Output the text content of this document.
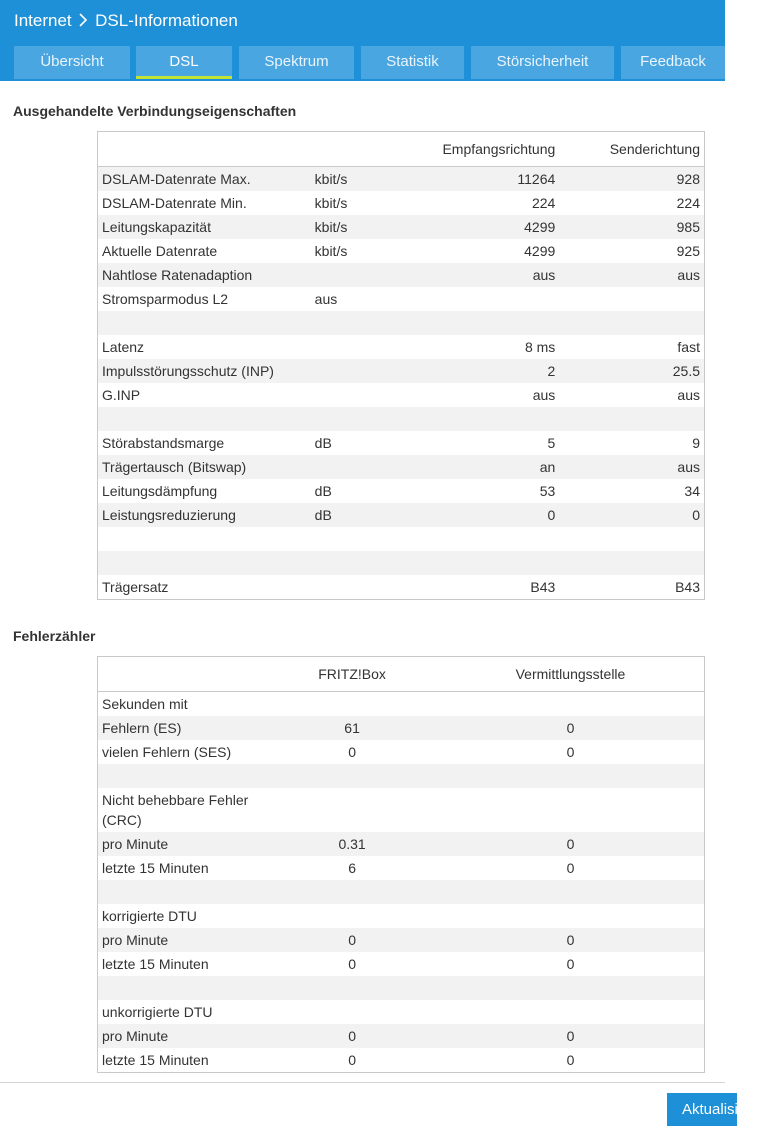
Internet DSL-Informationen
Übersicht	DSL	Spektrum	Statistik	Störsicherheit	Feedback
Ausgehandelte Verbindungseigenschaften
		Empfangsrichtung	Senderichtung
DSLAM-Datenrate Max.	kbit/s	11264	928
DSLAM-Datenrate Min.	kbit/s	224	224
Leitungskapazität	kbit/s	4299	985
Aktuelle Datenrate	kbit/s	4299	925
Nahtlose Ratenadaption		aus	aus
Stromsparmodus L2	aus		

Latenz		8 ms	fast
Impulsstörungsschutz (INP)		2	25.5
G.INP		aus	aus

Störabstandsmarge	dB	5	9
Trägertausch (Bitswap)		an	aus
Leitungsdämpfung	dB	53	34
Leistungsreduzierung	dB	0	0

Trägersatz		B43	B43
Fehlerzähler
	FRITZ!Box	Vermittlungsstelle
Sekunden mit		
Fehlern (ES)	61	0
vielen Fehlern (SES)	0	0

Nicht behebbare Fehler (CRC)		
pro Minute	0.31	0
letzte 15 Minuten	6	0

korrigierte DTU		
pro Minute	0	0
letzte 15 Minuten	0	0

unkorrigierte DTU		
pro Minute	0	0
letzte 15 Minuten	0	0
Aktualisieren
